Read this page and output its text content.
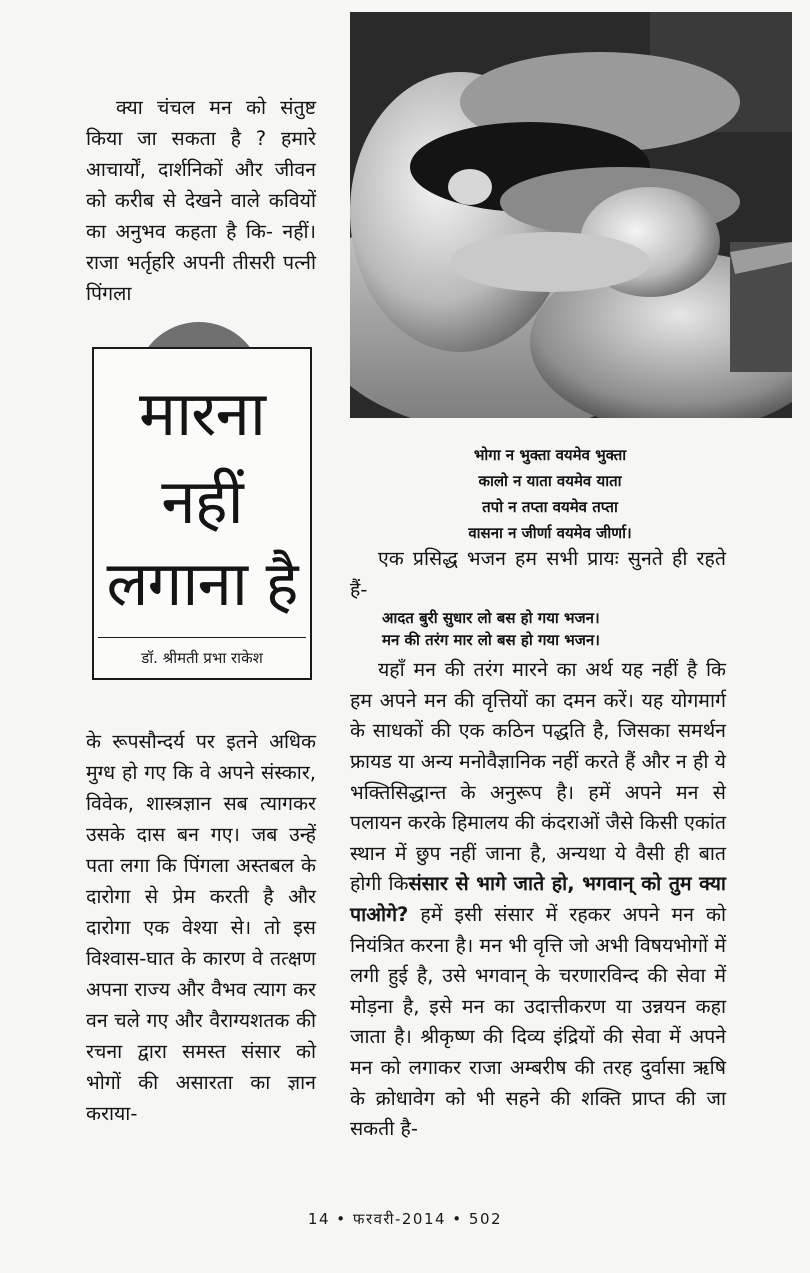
क्या चंचल मन को संतुष्ट किया जा सकता है ? हमारे आचार्यों, दार्शनिकों और जीवन को करीब से देखने वाले कवियों का अनुभव कहता है कि- नहीं। राजा भर्तृहरि अपनी तीसरी पत्नी पिंगला

मारना
नहीं
लगाना है
डॉ. श्रीमती प्रभा राकेश

के रूपसौन्दर्य पर इतने अधिक मुग्ध हो गए कि वे अपने संस्कार, विवेक, शास्त्रज्ञान सब त्यागकर उसके दास बन गए। जब उन्हें पता लगा कि पिंगला अस्तबल के दारोगा से प्रेम करती है और दारोगा एक वेश्या से। तो इस विश्वास-घात के कारण वे तत्क्षण अपना राज्य और वैभव त्याग कर वन चले गए और वैराग्यशतक की रचना द्वारा समस्त संसार को भोगों की असारता का ज्ञान कराया-

भोगा न भुक्ता वयमेव भुक्ता
कालो न याता वयमेव याता
तपो न तप्ता वयमेव तप्ता
वासना न जीर्णा वयमेव जीर्णा।

एक प्रसिद्ध भजन हम सभी प्रायः सुनते ही रहते हैं-

आदत बुरी सुधार लो बस हो गया भजन।
मन की तरंग मार लो बस हो गया भजन।

यहाँ मन की तरंग मारने का अर्थ यह नहीं है कि हम अपने मन की वृत्तियों का दमन करें। यह योगमार्ग के साधकों की एक कठिन पद्धति है, जिसका समर्थन फ्रायड या अन्य मनोवैज्ञानिक नहीं करते हैं और न ही ये भक्तिसिद्धान्त के अनुरूप है। हमें अपने मन से पलायन करके हिमालय की कंदराओं जैसे किसी एकांत स्थान में छुप नहीं जाना है, अन्यथा ये वैसी ही बात होगी किसंसार से भागे जाते हो, भगवान् को तुम क्या पाओगे? हमें इसी संसार में रहकर अपने मन को नियंत्रित करना है। मन भी वृत्ति जो अभी विषयभोगों में लगी हुई है, उसे भगवान् के चरणारविन्द की सेवा में मोड़ना है, इसे मन का उदात्तीकरण या उन्नयन कहा जाता है। श्रीकृष्ण की दिव्य इंद्रियों की सेवा में अपने मन को लगाकर राजा अम्बरीष की तरह दुर्वासा ऋषि के क्रोधावेग को भी सहने की शक्ति प्राप्त की जा सकती है-

14 • फरवरी-2014 • 502
